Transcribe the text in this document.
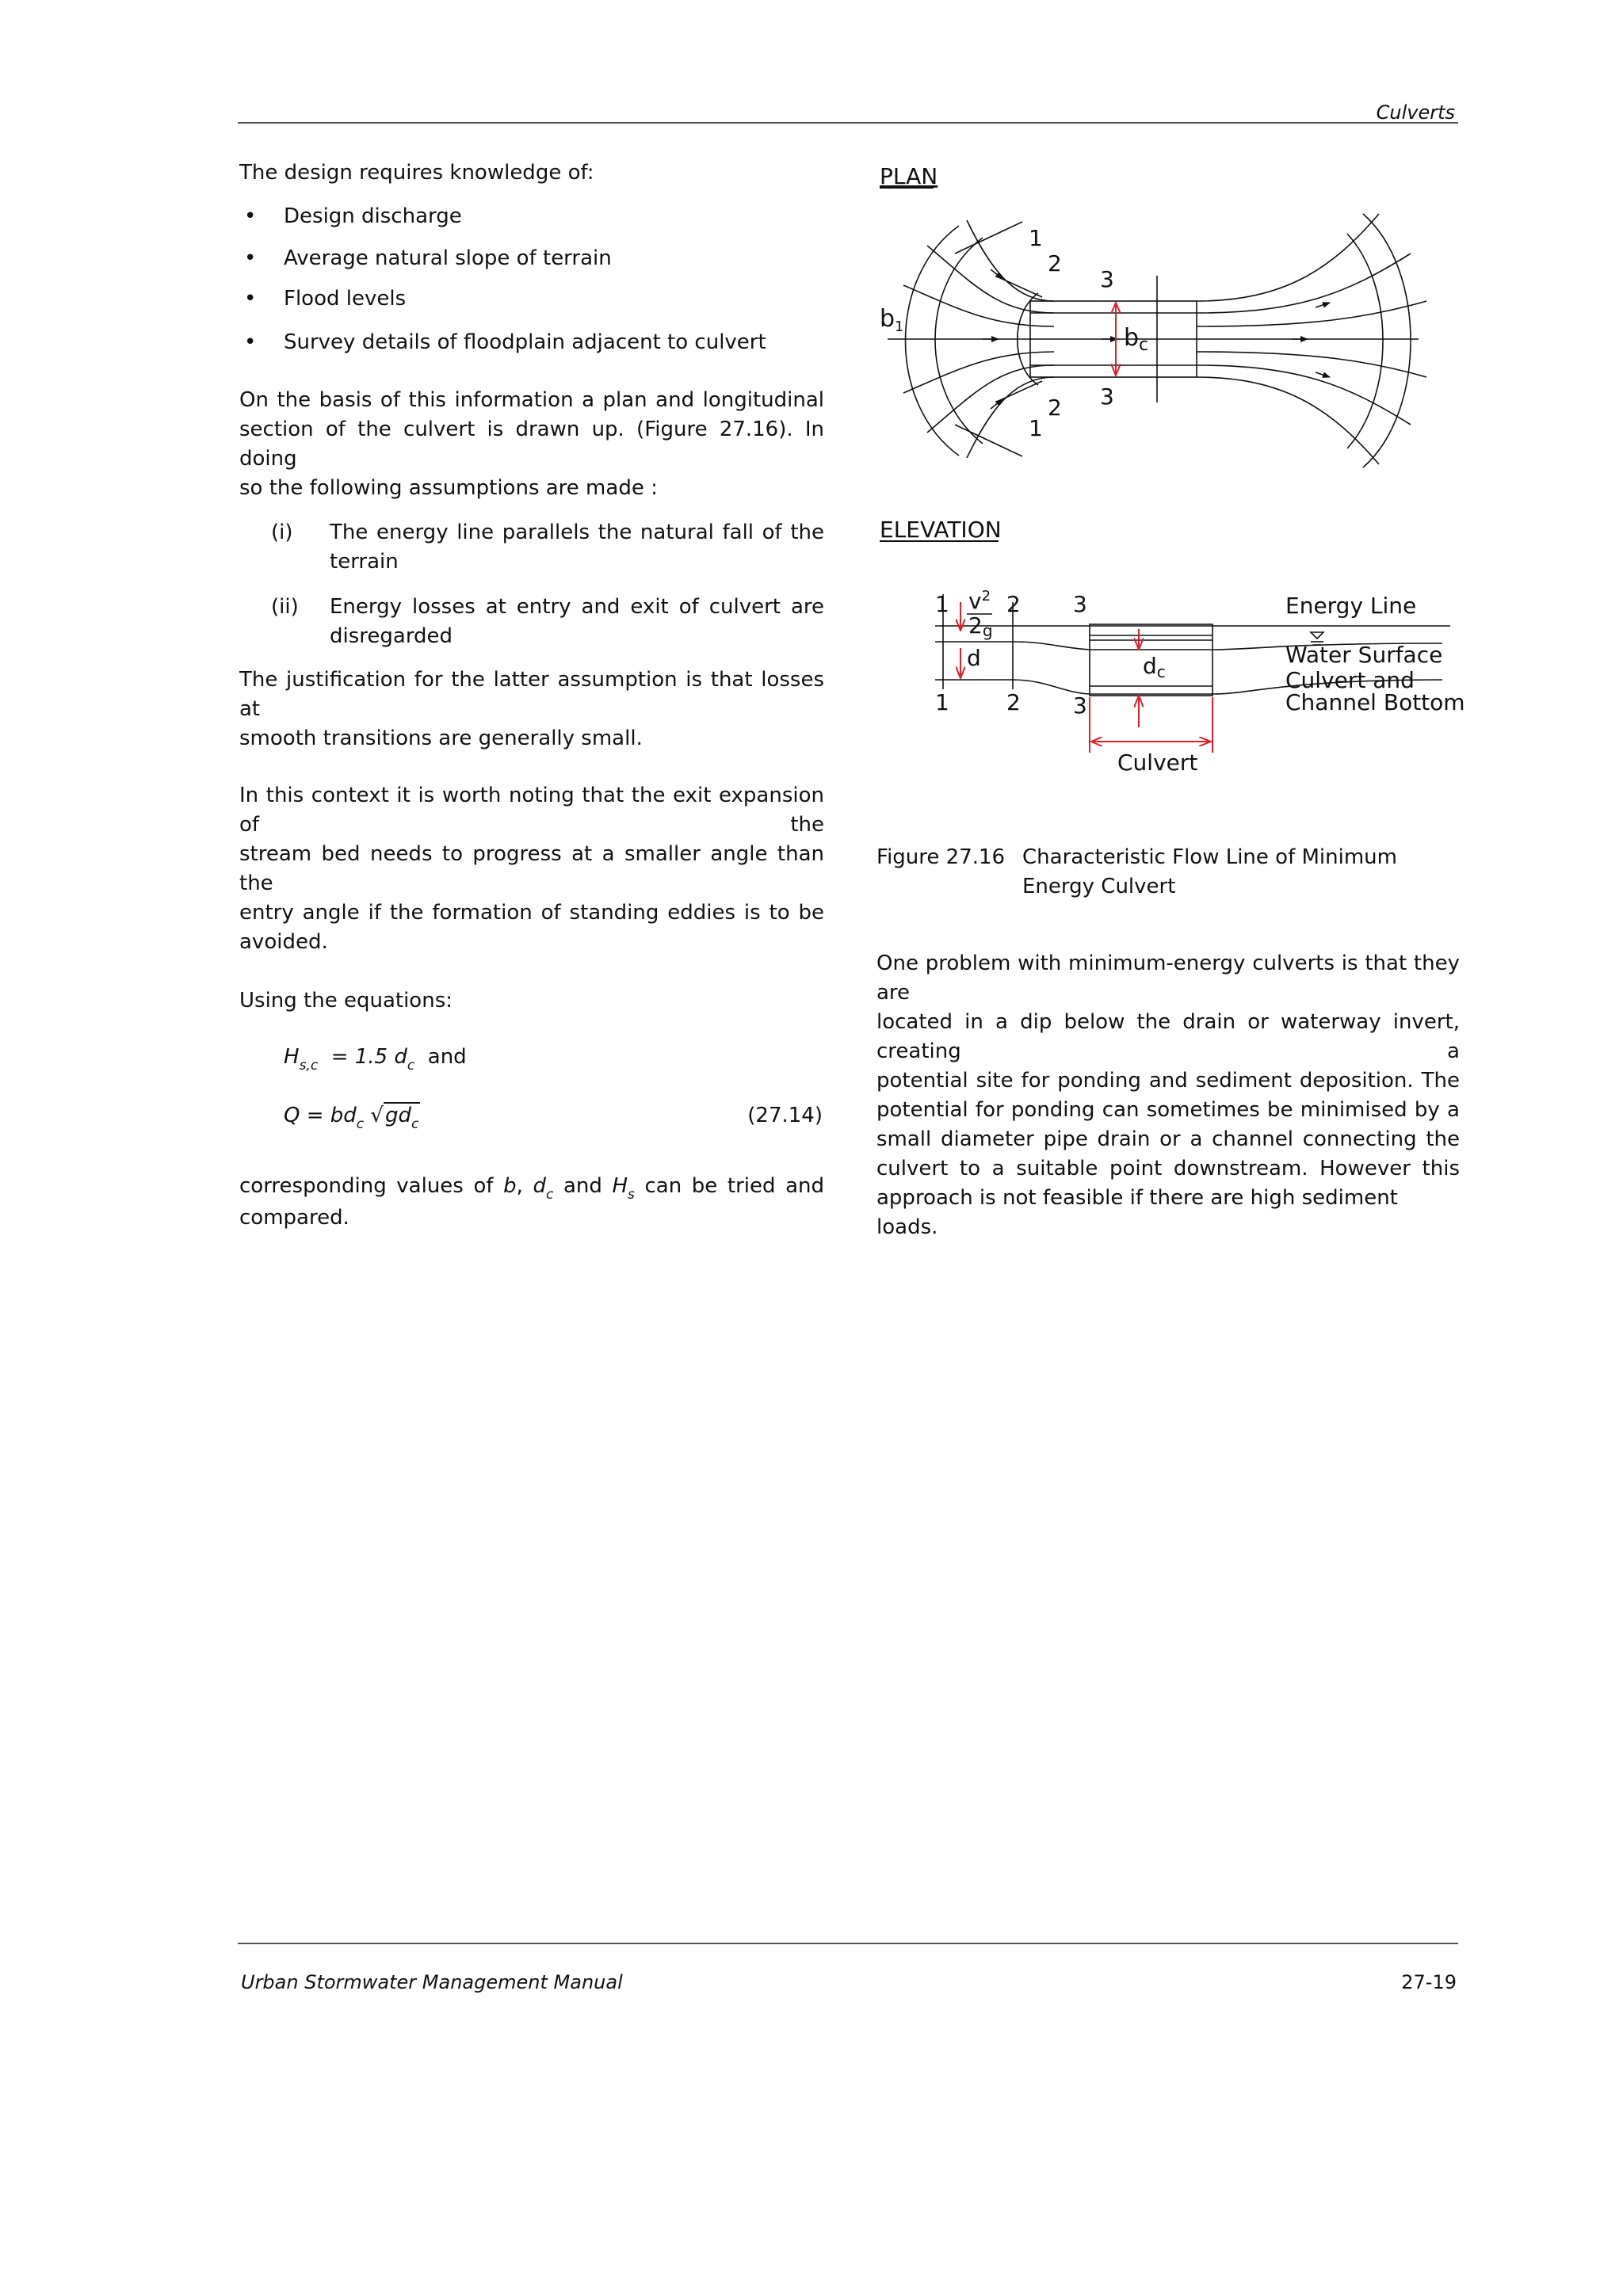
Culverts

The design requires knowledge of:

• Design discharge
• Average natural slope of terrain
• Flood levels
• Survey details of floodplain adjacent to culvert

On the basis of this information a plan and longitudinal

section of the culvert is drawn up. (Figure 27.16). In doing

so the following assumptions are made :

(i) The energy line parallels the natural fall of the

terrain

(ii) Energy losses at entry and exit of culvert are

disregarded

The justification for the latter assumption is that losses at

smooth transitions are generally small.

In this context it is worth noting that the exit expansion of the

stream bed needs to progress at a smaller angle than the

entry angle if the formation of standing eddies is to be

avoided.

Using the equations:

$H_{s,c} = 1.5$ $d_c$ and
$Q = bd_c$ $√gd_c$	(27.14)

corresponding values of b, $d_c$ and $H_s$ can be tried and

compared.

PLAN
$b_1$	$b_c$
1
2
3
3
2
1
ELEVATION
1 $v^2$
2g
2 3
d	dc
1	2 3
Energy Line
Water Surface
Culvert and
Channel Bottom
Culvert
Figure 27.16 Characteristic Flow Line of Minimum
Energy Culvert

One problem with minimum-energy culverts is that they are

located in a dip below the drain or waterway invert, creating a

potential site for ponding and sediment deposition. The

potential for ponding can sometimes be minimised by a

small diameter pipe drain or a channel connecting the

culvert to a suitable point downstream. However this

approach is not feasible if there are high sediment loads.

Urban Stormwater Management Manual	27-19
